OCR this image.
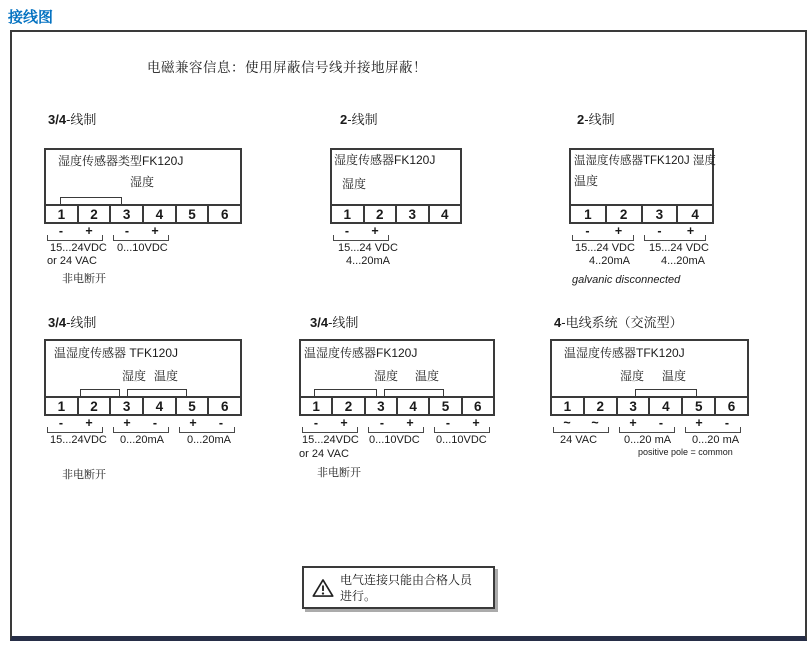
接线图
电磁兼容信息：使用屏蔽信号线并接地屏蔽！
3/4-线制
湿度传感器类型FK120J
湿度
1	2	3	4	5	6
- +	- +
15...24VDC 0...10VDC
or 24 VAC
非电断开
2-线制
湿度传感器FK120J
湿度
1	2	3	4
- +
15...24 VDC
4...20mA
2-线制
温湿度传感器TFK120J 湿度
温度
1	2	3	4
- +	- +
15...24 VDC
4..20mA
15...24 VDC
4...20mA
galvanic disconnected
3/4-线制
温湿度传感器 TFK120J
湿度 温度
1	2	3	4	5	6
- + + -	+ -
15...24VDC 0...20mA 0...20mA
非电断开
3/4-线制
温湿度传感器FK120J
湿度 温度
1	2	3	4	5	6
- +	- +	- +
15...24VDC 0...10VDC 0...10VDC
or 24 VAC
非电断开
4-电线系统（交流型）
温湿度传感器TFK120J
湿度 温度
1	2	3	4	5	6
~ ~ + -	+ -
24 VAC 0...20 mA 0...20 mA
positive pole = common
电气连接只能由合格人员进行。
